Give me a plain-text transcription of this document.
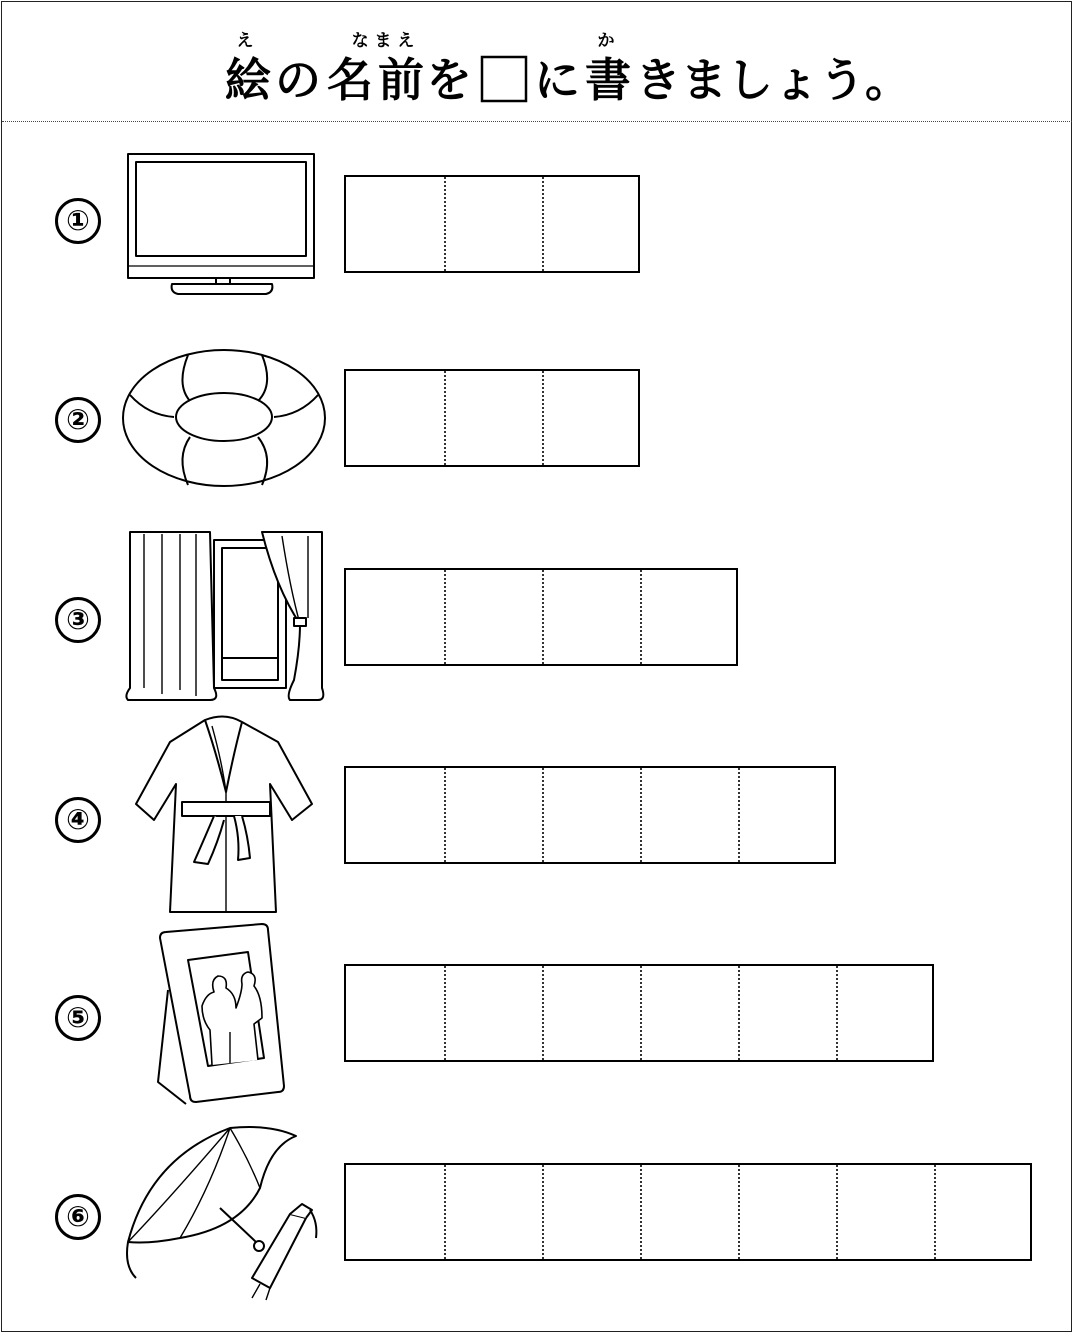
え	な ま え	か
絵 の 名 前 を に 書 きましょう。
①
②
③
④
⑤
⑥
